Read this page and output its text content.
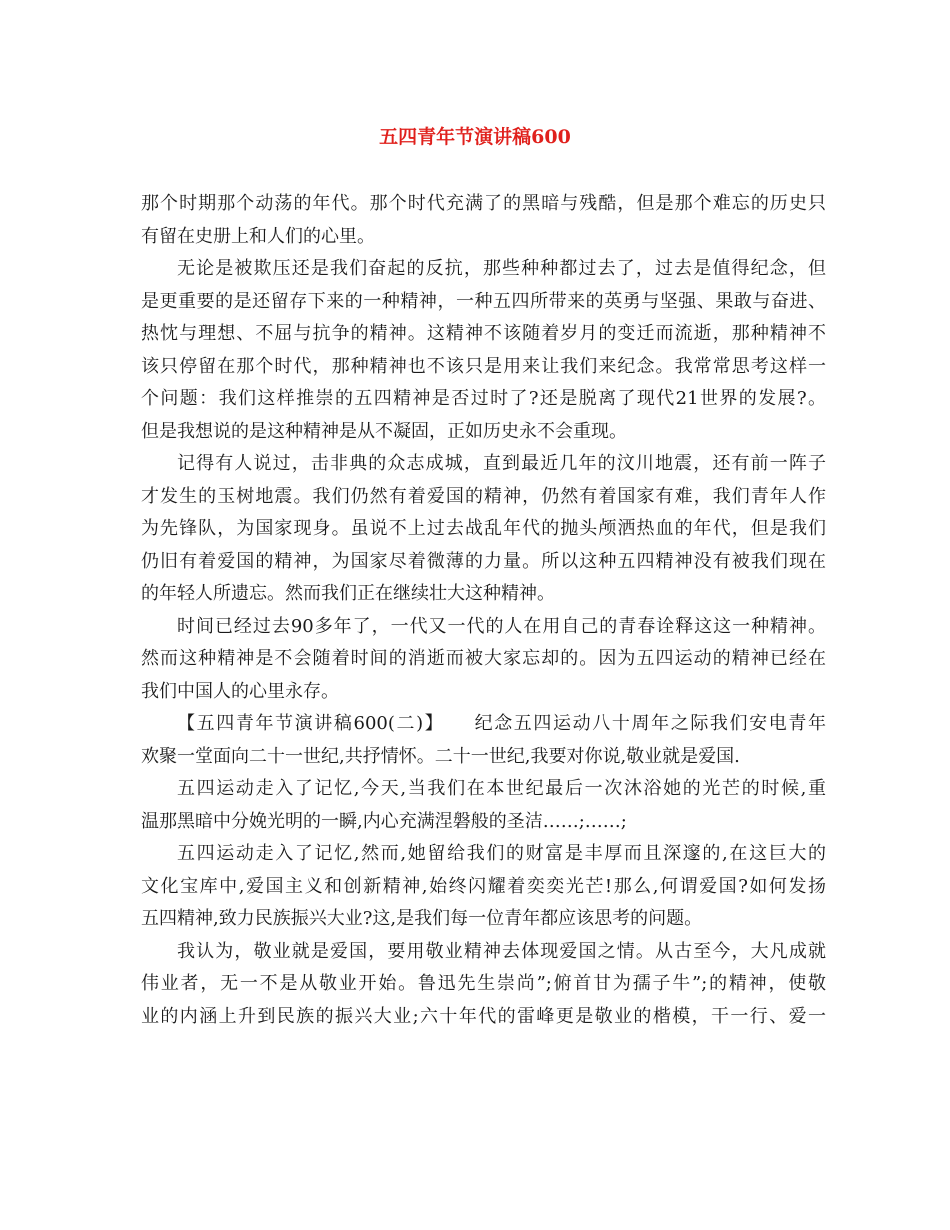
五四青年节演讲稿600
那个时期那个动荡的年代。那个时代充满了的黑暗与残酷，但是那个难忘的历史只
有留在史册上和人们的心里。
无论是被欺压还是我们奋起的反抗，那些种种都过去了，过去是值得纪念，但
是更重要的是还留存下来的一种精神，一种五四所带来的英勇与坚强、果敢与奋进、
热忱与理想、不屈与抗争的精神。这精神不该随着岁月的变迁而流逝，那种精神不
该只停留在那个时代，那种精神也不该只是用来让我们来纪念。我常常思考这样一
个问题：我们这样推崇的五四精神是否过时了?还是脱离了现代21世界的发展?。
但是我想说的是这种精神是从不凝固，正如历史永不会重现。
记得有人说过，击非典的众志成城，直到最近几年的汶川地震，还有前一阵子
才发生的玉树地震。我们仍然有着爱国的精神，仍然有着国家有难，我们青年人作
为先锋队，为国家现身。虽说不上过去战乱年代的抛头颅洒热血的年代，但是我们
仍旧有着爱国的精神，为国家尽着微薄的力量。所以这种五四精神没有被我们现在
的年轻人所遗忘。然而我们正在继续壮大这种精神。
时间已经过去90多年了，一代又一代的人在用自己的青春诠释这这一种精神。
然而这种精神是不会随着时间的消逝而被大家忘却的。因为五四运动的精神已经在
我们中国人的心里永存。
【五四青年节演讲稿600(二)】　　纪念五四运动八十周年之际我们安电青年
欢聚一堂面向二十一世纪,共抒情怀。二十一世纪,我要对你说,敬业就是爱国.
五四运动走入了记忆,今天,当我们在本世纪最后一次沐浴她的光芒的时候,重
温那黑暗中分娩光明的一瞬,内心充满涅磐般的圣洁……;……;
五四运动走入了记忆,然而,她留给我们的财富是丰厚而且深邃的,在这巨大的
文化宝库中,爱国主义和创新精神,始终闪耀着奕奕光芒!那么,何谓爱国?如何发扬
五四精神,致力民族振兴大业?这,是我们每一位青年都应该思考的问题。
我认为，敬业就是爱国，要用敬业精神去体现爱国之情。从古至今，大凡成就
伟业者，无一不是从敬业开始。鲁迅先生崇尚”;俯首甘为孺子牛”;的精神，使敬
业的内涵上升到民族的振兴大业;六十年代的雷峰更是敬业的楷模，干一行、爱一
